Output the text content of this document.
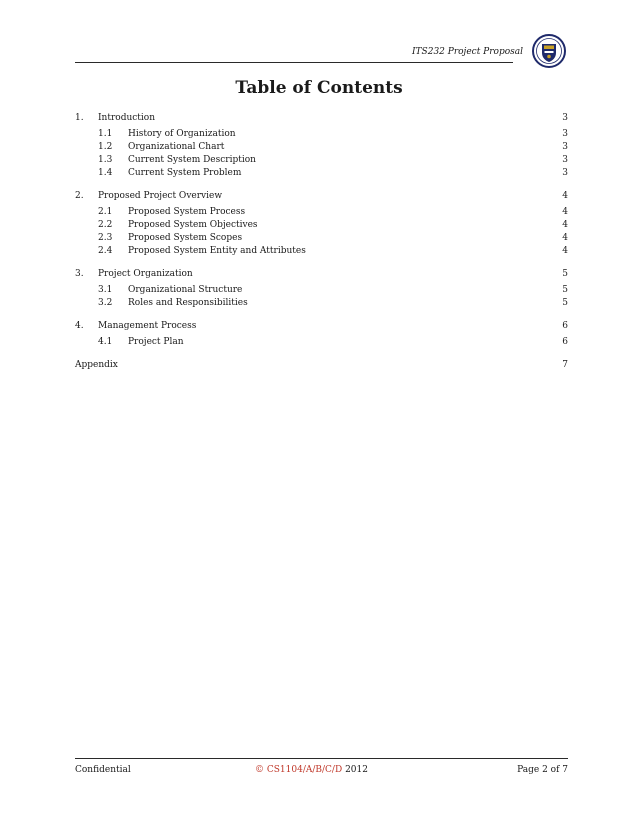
ITS232 Project Proposal
Table of Contents
1. Introduction	3
1.1 History of Organization	3
1.2 Organizational Chart	3
1.3 Current System Description	3
1.4 Current System Problem	3
2. Proposed Project Overview	4
2.1 Proposed System Process	4
2.2 Proposed System Objectives	4
2.3 Proposed System Scopes	4
2.4 Proposed System Entity and Attributes	4
3. Project Organization	5
3.1 Organizational Structure	5
3.2 Roles and Responsibilities	5
4. Management Process	6
4.1 Project Plan	6
Appendix	7
Confidential	© CS1104/A/B/C/D 2012	Page 2 of 7
